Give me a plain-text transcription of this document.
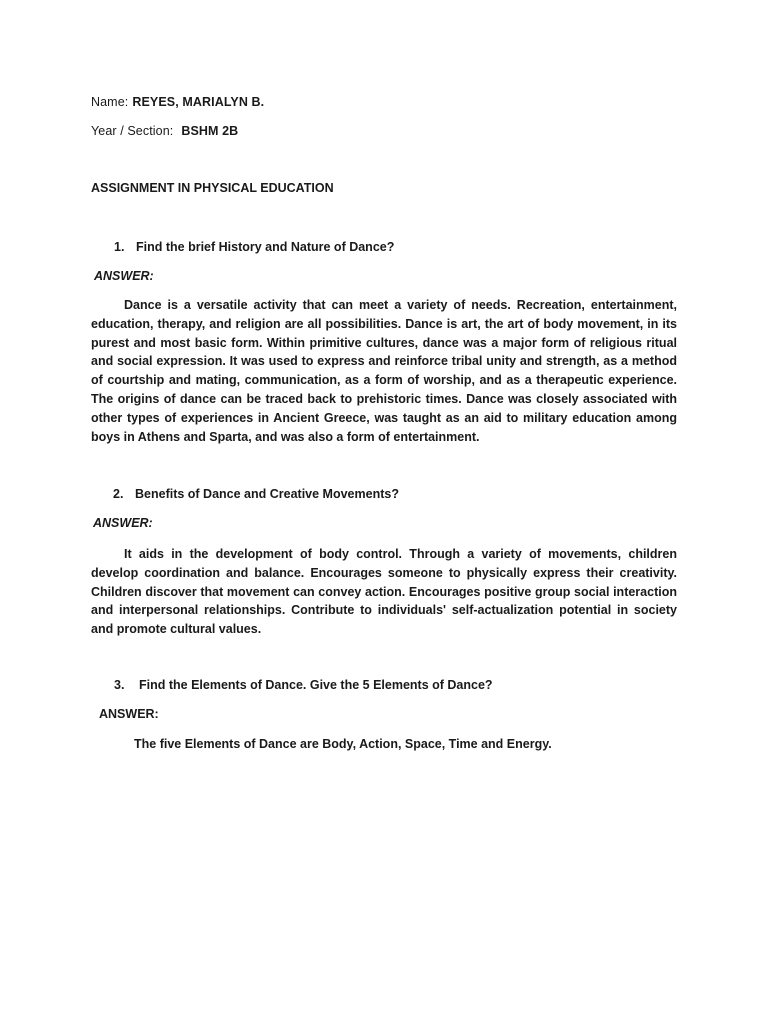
Name: REYES, MARIALYN B.
Year / Section: BSHM 2B
ASSIGNMENT IN PHYSICAL EDUCATION
1. Find the brief History and Nature of Dance?
ANSWER:
Dance is a versatile activity that can meet a variety of needs. Recreation, entertainment, education, therapy, and religion are all possibilities. Dance is art, the art of body movement, in its purest and most basic form. Within primitive cultures, dance was a major form of religious ritual and social expression. It was used to express and reinforce tribal unity and strength, as a method of courtship and mating, communication, as a form of worship, and as a therapeutic experience. The origins of dance can be traced back to prehistoric times. Dance was closely associated with other types of experiences in Ancient Greece, was taught as an aid to military education among boys in Athens and Sparta, and was also a form of entertainment.
2. Benefits of Dance and Creative Movements?
ANSWER:
It aids in the development of body control. Through a variety of movements, children develop coordination and balance. Encourages someone to physically express their creativity. Children discover that movement can convey action. Encourages positive group social interaction and interpersonal relationships. Contribute to individuals' self-actualization potential in society and promote cultural values.
3. Find the Elements of Dance. Give the 5 Elements of Dance?
ANSWER:
The five Elements of Dance are Body, Action, Space, Time and Energy.
